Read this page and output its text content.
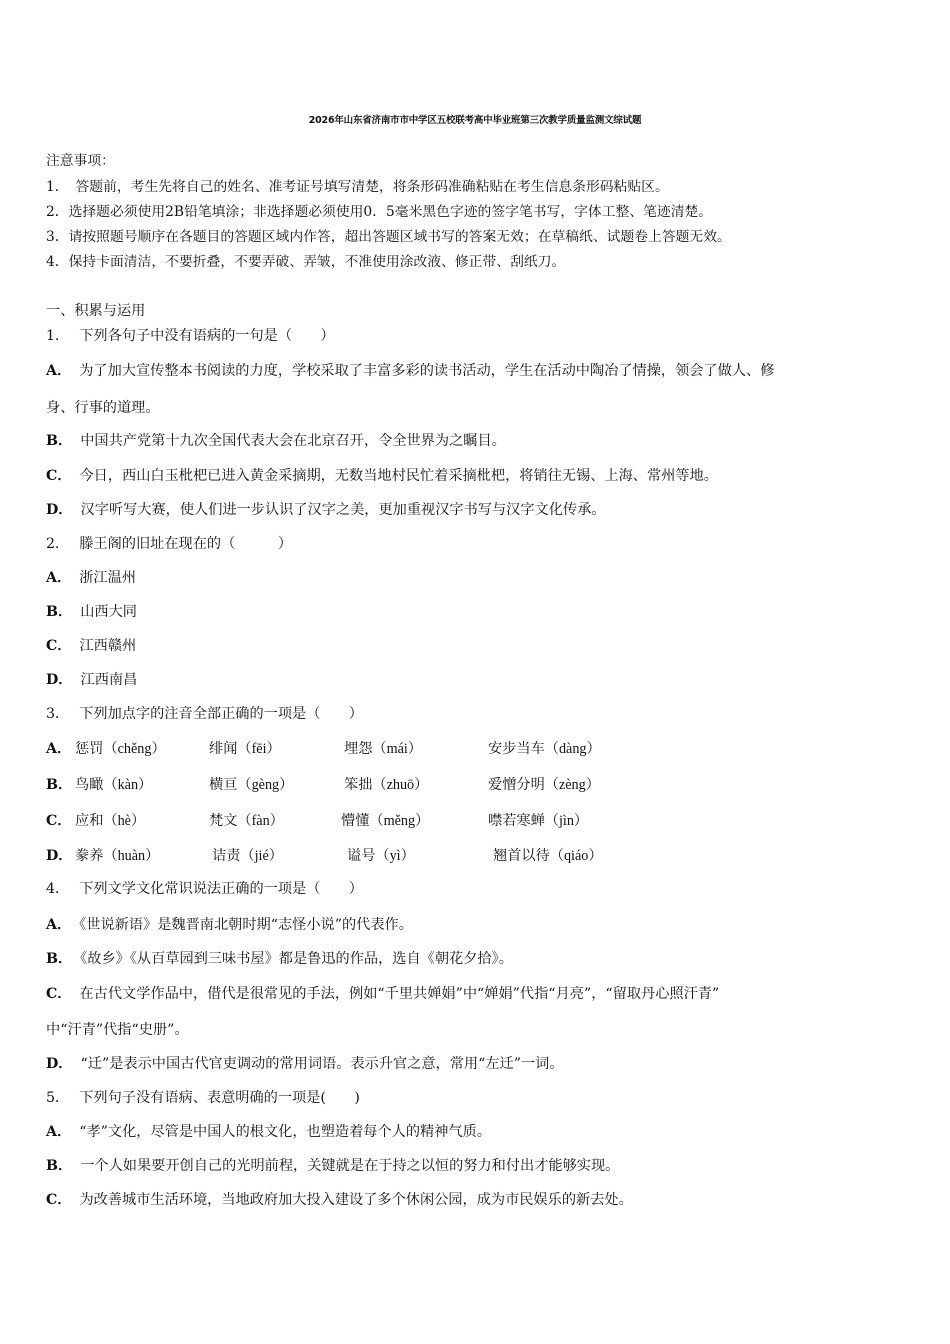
2026年山东省济南市市中学区五校联考高中毕业班第三次教学质量监测文综试题
注意事项：
1．　答题前，考生先将自己的姓名、准考证号填写清楚，将条形码准确粘贴在考生信息条形码粘贴区。
2．选择题必须使用2B铅笔填涂；非选择题必须使用0．5毫米黑色字迹的签字笔书写，字体工整、笔迹清楚。
3．请按照题号顺序在各题目的答题区域内作答，超出答题区域书写的答案无效；在草稿纸、试题卷上答题无效。
4．保持卡面清洁，不要折叠，不要弄破、弄皱，不准使用涂改液、修正带、刮纸刀。
一、积累与运用
1． 下列各句子中没有语病的一句是（　　）
A． 为了加大宣传整本书阅读的力度，学校采取了丰富多彩的读书活动，学生在活动中陶冶了情操，领会了做人、修
身、行事的道理。
B． 中国共产党第十九次全国代表大会在北京召开，令全世界为之瞩目。
C． 今日，西山白玉枇杷已进入黄金采摘期，无数当地村民忙着采摘枇杷，将销往无锡、上海、常州等地。
D． 汉字听写大赛，使人们进一步认识了汉字之美，更加重视汉字书写与汉字文化传承。
2． 滕王阁的旧址在现在的（　　　）
A． 浙江温州
B． 山西大同
C． 江西赣州
D． 江西南昌
3． 下列加点字的注音全部正确的一项是（　　）
A． 惩罚（chěng）	绯闻（fēi）	埋怨（mái）	安步当车（dàng）
B． 鸟瞰（kàn）	横亘（gèng）	笨拙（zhuō）	爱憎分明（zèng）
C． 应和（hè）	梵文（fàn）	懵懂（měng）	噤若寒蝉（jìn）
D． 豢养（huàn）	诘责（jié）	谥号（yì）	翘首以待（qiáo）
4． 下列文学文化常识说法正确的一项是（　　）
A． 《世说新语》是魏晋南北朝时期“志怪小说”的代表作。
B． 《故乡》《从百草园到三味书屋》都是鲁迅的作品，选自《朝花夕拾》。
C． 在古代文学作品中，借代是很常见的手法，例如“千里共婵娟”中“婵娟”代指“月亮”，“留取丹心照汗青”
中“汗青”代指“史册”。
D． “迁”是表示中国古代官吏调动的常用词语。表示升官之意，常用“左迁”一词。
5． 下列句子没有语病、表意明确的一项是(　　)
A． “孝”文化，尽管是中国人的根文化，也塑造着每个人的精神气质。
B． 一个人如果要开创自己的光明前程，关键就是在于持之以恒的努力和付出才能够实现。
C． 为改善城市生活环境，当地政府加大投入建设了多个休闲公园，成为市民娱乐的新去处。
